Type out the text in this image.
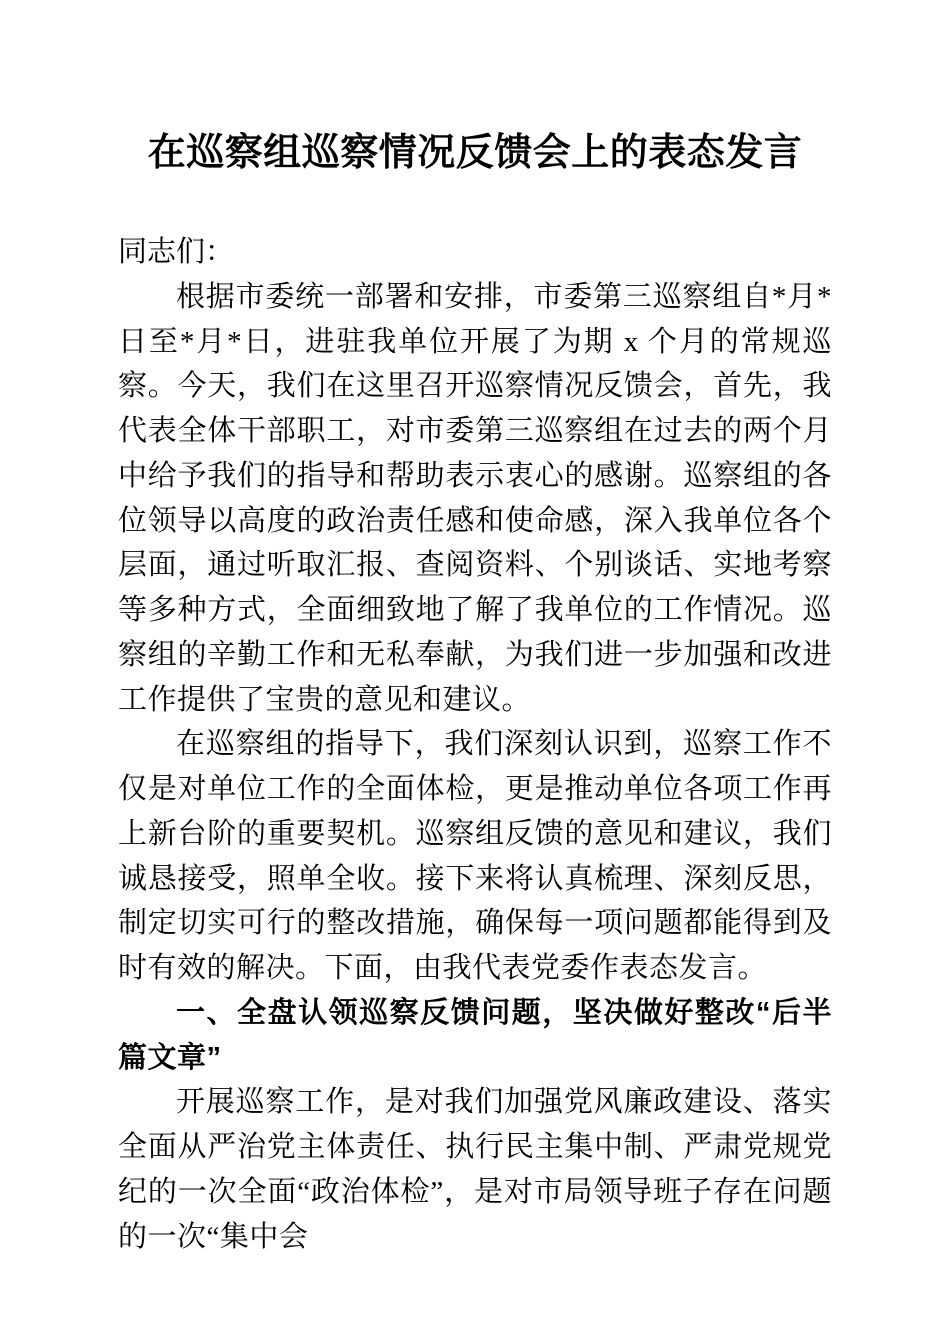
在巡察组巡察情况反馈会上的表态发言

同志们：

根据市委统一部署和安排，市委第三巡察组自*月*日至*月*日，进驻我单位开展了为期 x 个月的常规巡察。今天，我们在这里召开巡察情况反馈会，首先，我代表全体干部职工，对市委第三巡察组在过去的两个月中给予我们的指导和帮助表示衷心的感谢。巡察组的各位领导以高度的政治责任感和使命感，深入我单位各个层面，通过听取汇报、查阅资料、个别谈话、实地考察等多种方式，全面细致地了解了我单位的工作情况。巡察组的辛勤工作和无私奉献，为我们进一步加强和改进工作提供了宝贵的意见和建议。

在巡察组的指导下，我们深刻认识到，巡察工作不仅是对单位工作的全面体检，更是推动单位各项工作再上新台阶的重要契机。巡察组反馈的意见和建议，我们诚恳接受，照单全收。接下来将认真梳理、深刻反思，制定切实可行的整改措施，确保每一项问题都能得到及时有效的解决。下面，由我代表党委作表态发言。

一、全盘认领巡察反馈问题，坚决做好整改“后半篇文章”

开展巡察工作，是对我们加强党风廉政建设、落实全面从严治党主体责任、执行民主集中制、严肃党规党纪的一次全面“政治体检”，是对市局领导班子存在问题的一次“集中会
